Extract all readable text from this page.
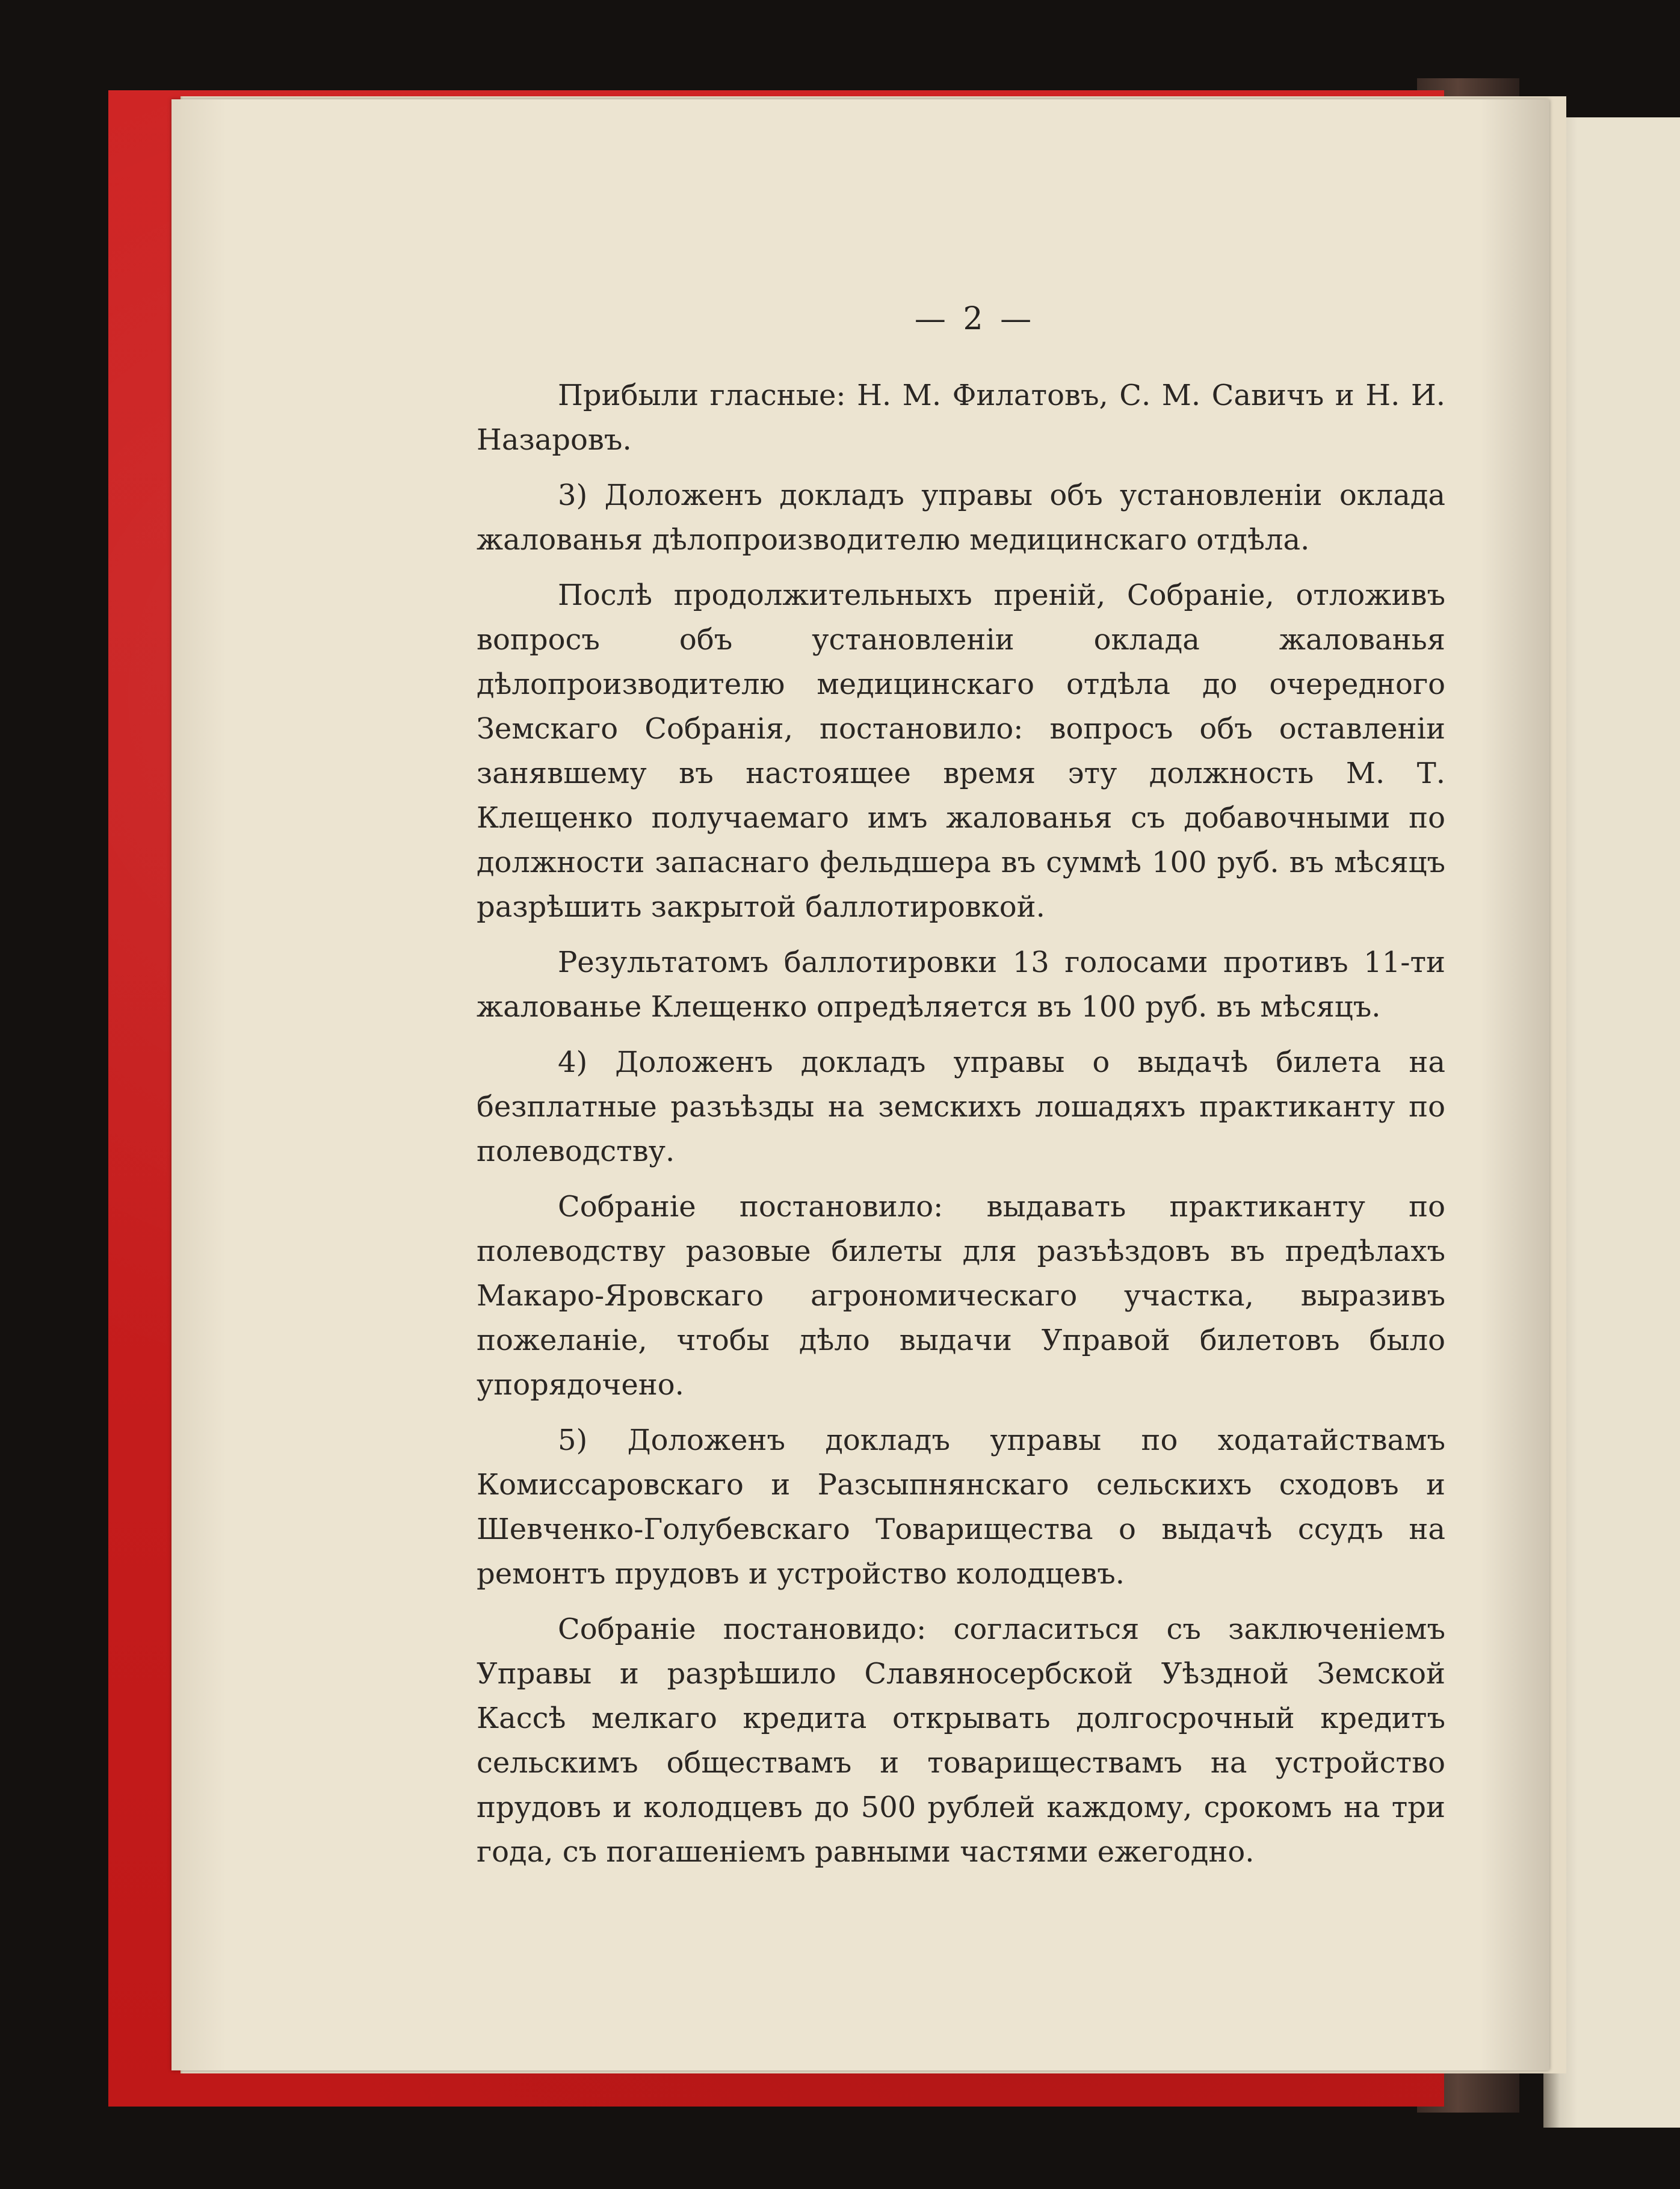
— 2 —

Прибыли гласные: Н. М. Филатовъ, С. М. Савичъ и Н. И. Назаровъ.

3) Доложенъ докладъ управы объ установленіи оклада жалованья дѣлопроизводителю медицинскаго отдѣла.

Послѣ продолжительныхъ преній, Собраніе, отложивъ вопросъ объ установленіи оклада жалованья дѣлопроизводителю медицинскаго отдѣла до очередного Земскаго Собранія, постановило: вопросъ объ оставленіи занявшему въ настоящее время эту должность М. Т. Клещенко получаемаго имъ жалованья съ добавочными по должности запаснаго фельдшера въ суммѣ 100 руб. въ мѣсяцъ разрѣшить закрытой баллотировкой.

Результатомъ баллотировки 13 голосами противъ 11-ти жалованье Клещенко опредѣляется въ 100 руб. въ мѣсяцъ.

4) Доложенъ докладъ управы о выдачѣ билета на безплатные разъѣзды на земскихъ лошадяхъ практиканту по полеводству.

Собраніе постановило: выдавать практиканту по полеводству разовые билеты для разъѣздовъ въ предѣлахъ Макаро-Яровскаго агрономическаго участка, выразивъ пожеланіе, чтобы дѣло выдачи Управой билетовъ было упорядочено.

5) Доложенъ докладъ управы по ходатайствамъ Комиссаровскаго и Разсыпнянскаго сельскихъ сходовъ и Шевченко-Голубевскаго Товарищества о выдачѣ ссудъ на ремонтъ прудовъ и устройство колодцевъ.

Собраніе постановидо: согласиться съ заключеніемъ Управы и разрѣшило Славяносербской Уѣздной Земской Кассѣ мелкаго кредита открывать долгосрочный кредитъ сельскимъ обществамъ и товариществамъ на устройство прудовъ и колодцевъ до 500 рублей каждому, срокомъ на три года, съ погашеніемъ равными частями ежегодно.
